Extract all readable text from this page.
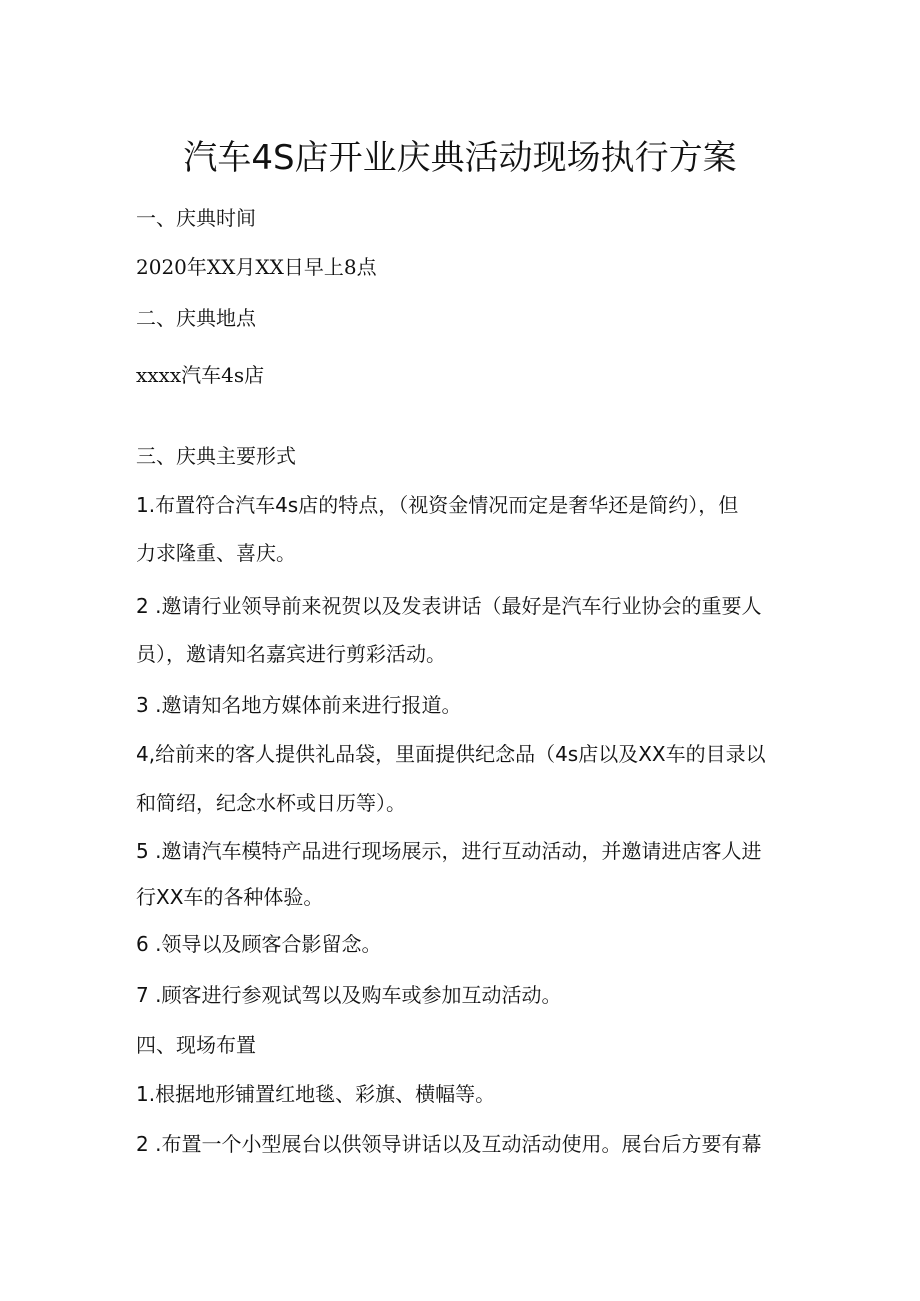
汽车4S店开业庆典活动现场执行方案
一、庆典时间
2020年XX月XX日早上8点
二、庆典地点
xxxx汽车4s店
三、庆典主要形式
1.布置符合汽车4s店的特点，（视资金情况而定是奢华还是简约），但
力求隆重、喜庆。
2 .邀请行业领导前来祝贺以及发表讲话（最好是汽车行业协会的重要人
员），邀请知名嘉宾进行剪彩活动。
3 .邀请知名地方媒体前来进行报道。
4,给前来的客人提供礼品袋，里面提供纪念品（4s店以及XX车的目录以
和简绍，纪念水杯或日历等）。
5 .邀请汽车模特产品进行现场展示，进行互动活动，并邀请进店客人进
行XX车的各种体验。
6 .领导以及顾客合影留念。
7 .顾客进行参观试驾以及购车或参加互动活动。
四、现场布置
1.根据地形铺置红地毯、彩旗、横幅等。
2 .布置一个小型展台以供领导讲话以及互动活动使用。展台后方要有幕
